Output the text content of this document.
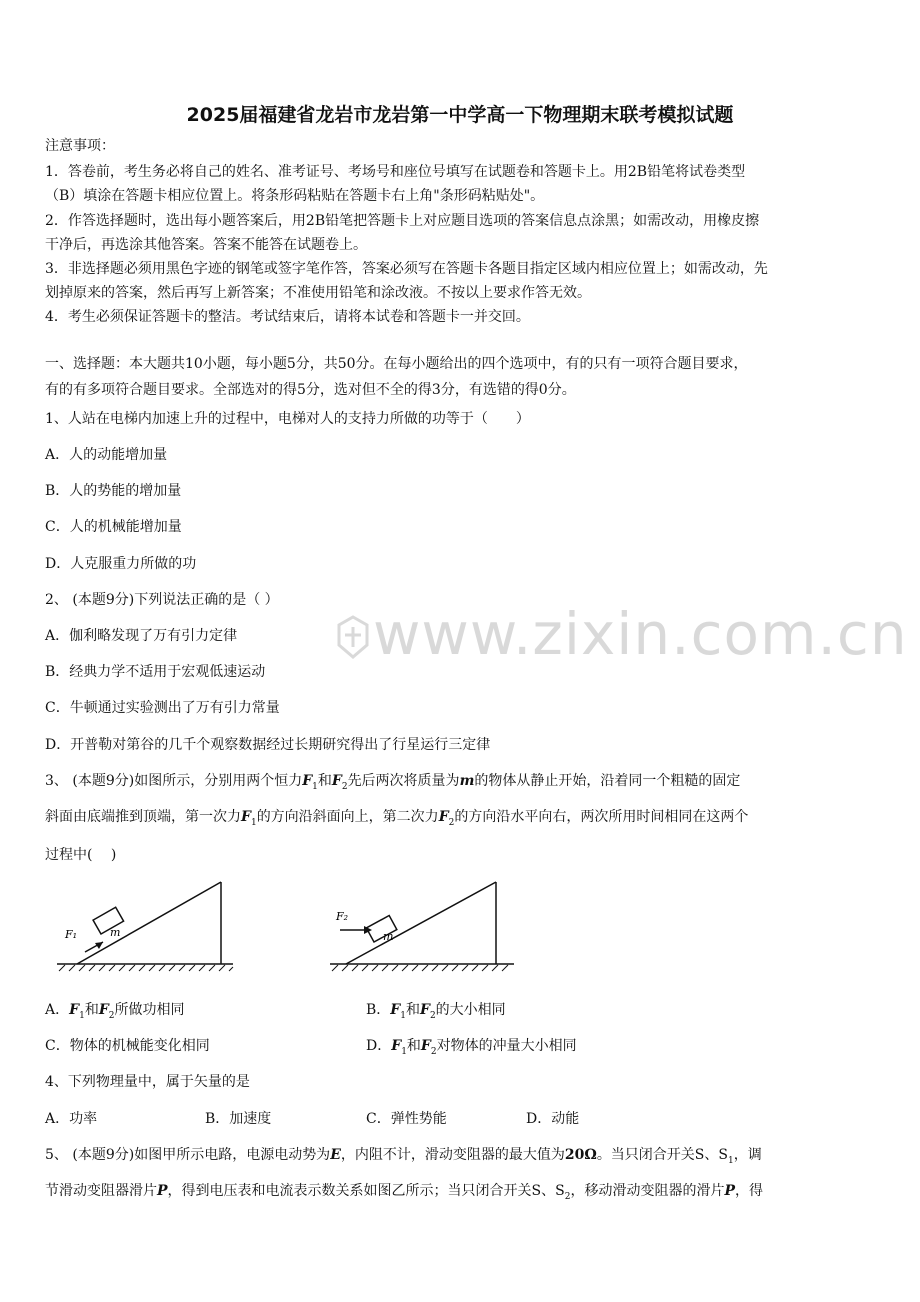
2025届福建省龙岩市龙岩第一中学高一下物理期末联考模拟试题
注意事项：
1．答卷前，考生务必将自己的姓名、准考证号、考场号和座位号填写在试题卷和答题卡上。用2B铅笔将试卷类型
（B）填涂在答题卡相应位置上。将条形码粘贴在答题卡右上角"条形码粘贴处"。
2．作答选择题时，选出每小题答案后，用2B铅笔把答题卡上对应题目选项的答案信息点涂黑；如需改动，用橡皮擦
干净后，再选涂其他答案。答案不能答在试题卷上。
3．非选择题必须用黑色字迹的钢笔或签字笔作答，答案必须写在答题卡各题目指定区域内相应位置上；如需改动，先
划掉原来的答案，然后再写上新答案；不准使用铅笔和涂改液。不按以上要求作答无效。
4．考生必须保证答题卡的整洁。考试结束后，请将本试卷和答题卡一并交回。
一、选择题：本大题共10小题，每小题5分，共50分。在每小题给出的四个选项中，有的只有一项符合题目要求，
有的有多项符合题目要求。全部选对的得5分，选对但不全的得3分，有选错的得0分。
1、人站在电梯内加速上升的过程中，电梯对人的支持力所做的功等于（　　）
A．人的动能增加量
B．人的势能的增加量
C．人的机械能增加量
D．人克服重力所做的功
2、 (本题9分)下列说法正确的是（ ）
A．伽利略发现了万有引力定律
B．经典力学不适用于宏观低速运动
C．牛顿通过实验测出了万有引力常量
D．开普勒对第谷的几千个观察数据经过长期研究得出了行星运行三定律
3、 (本题9分)如图所示，分别用两个恒力$F_1$和$F_2$先后两次将质量为m的物体从静止开始，沿着同一个粗糙的固定
斜面由底端推到顶端，第一次力$F_1$的方向沿斜面向上，第二次力$F_2$的方向沿水平向右，两次所用时间相同在这两个
过程中(　 )
m
F₁	m
F₂
A．$F_1$和$F_2$所做功相同	B．$F_1$和$F_2$的大小相同
C．物体的机械能变化相同	D．$F_1$和$F_2$对物体的冲量大小相同
4、下列物理量中，属于矢量的是
A．功率	B．加速度	C．弹性势能	D．动能
5、 (本题9分)如图甲所示电路，电源电动势为E，内阻不计，滑动变阻器的最大值为20Ω。当只闭合开关S、$S_1$，调
节滑动变阻器滑片P，得到电压表和电流表示数关系如图乙所示；当只闭合开关S、$S_2$，移动滑动变阻器的滑片P，得
www.zixin.com.cn
